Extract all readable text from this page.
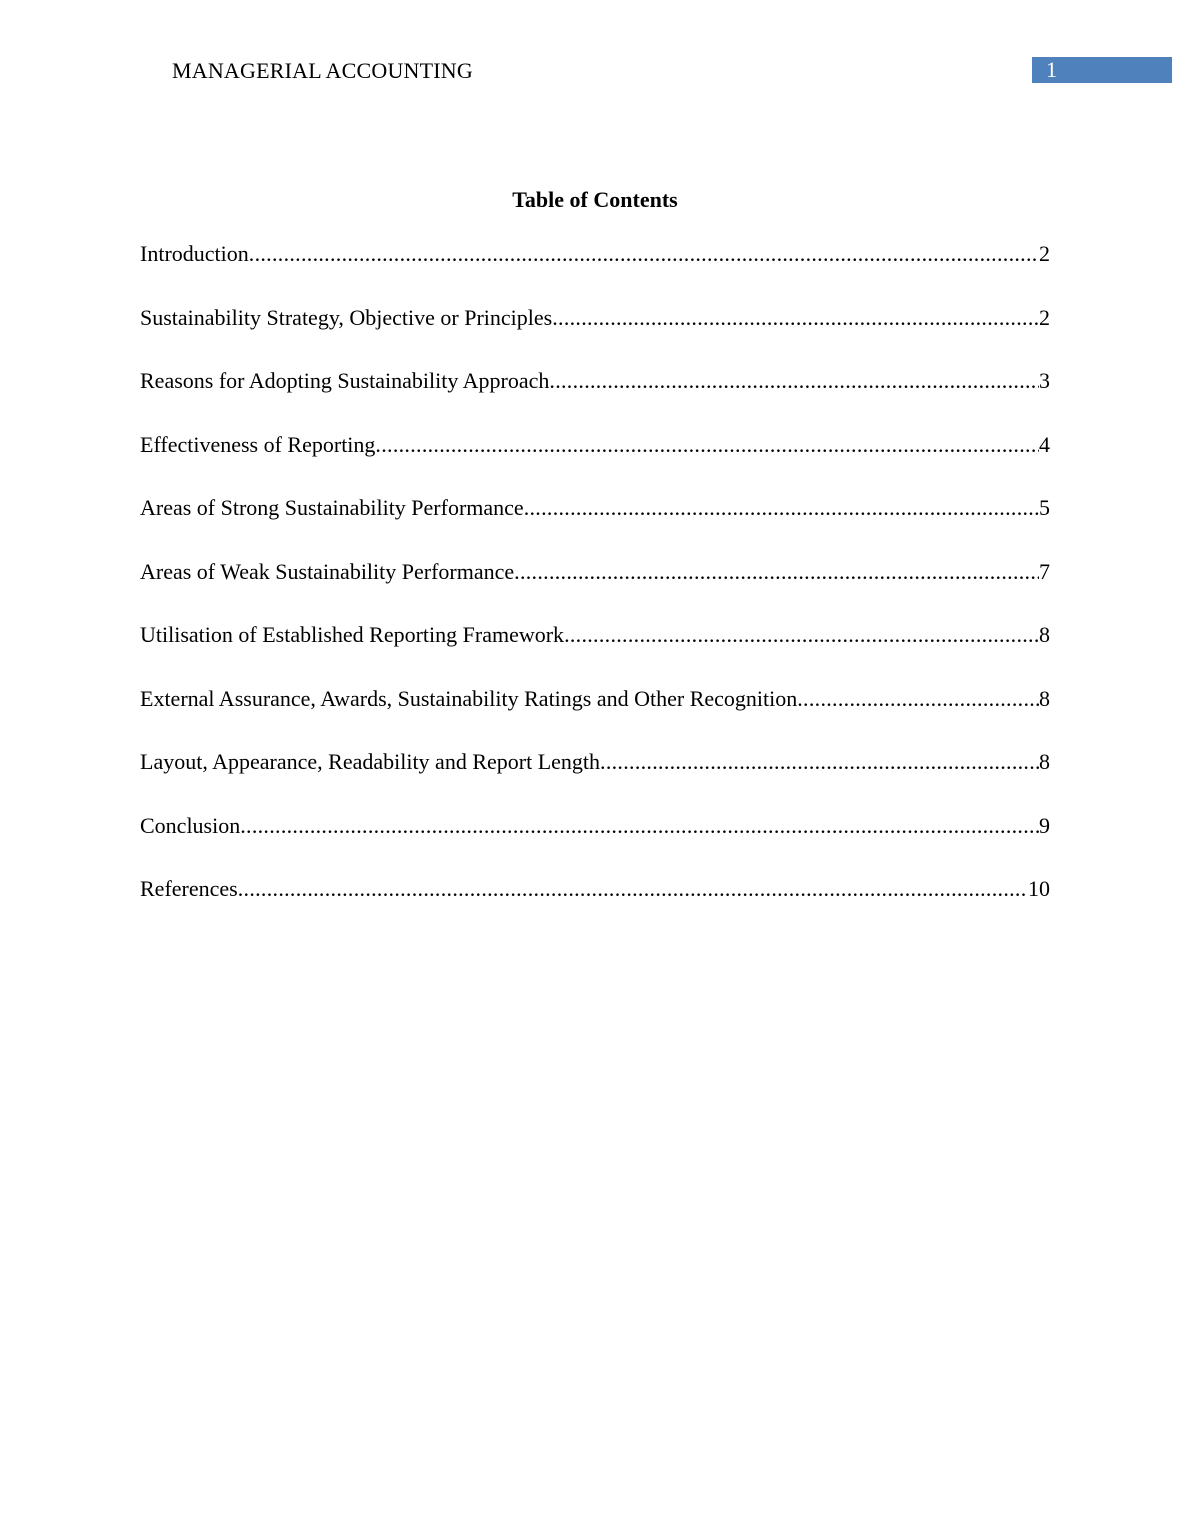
MANAGERIAL ACCOUNTING	1
Table of Contents
Introduction .....	2
Sustainability Strategy, Objective or Principles .....	2
Reasons for Adopting Sustainability Approach .....	3
Effectiveness of Reporting .....	4
Areas of Strong Sustainability Performance .....	5
Areas of Weak Sustainability Performance .....	7
Utilisation of Established Reporting Framework .....	8
External Assurance, Awards, Sustainability Ratings and Other Recognition .....	8
Layout, Appearance, Readability and Report Length .....	8
Conclusion .....	9
References .....	10
